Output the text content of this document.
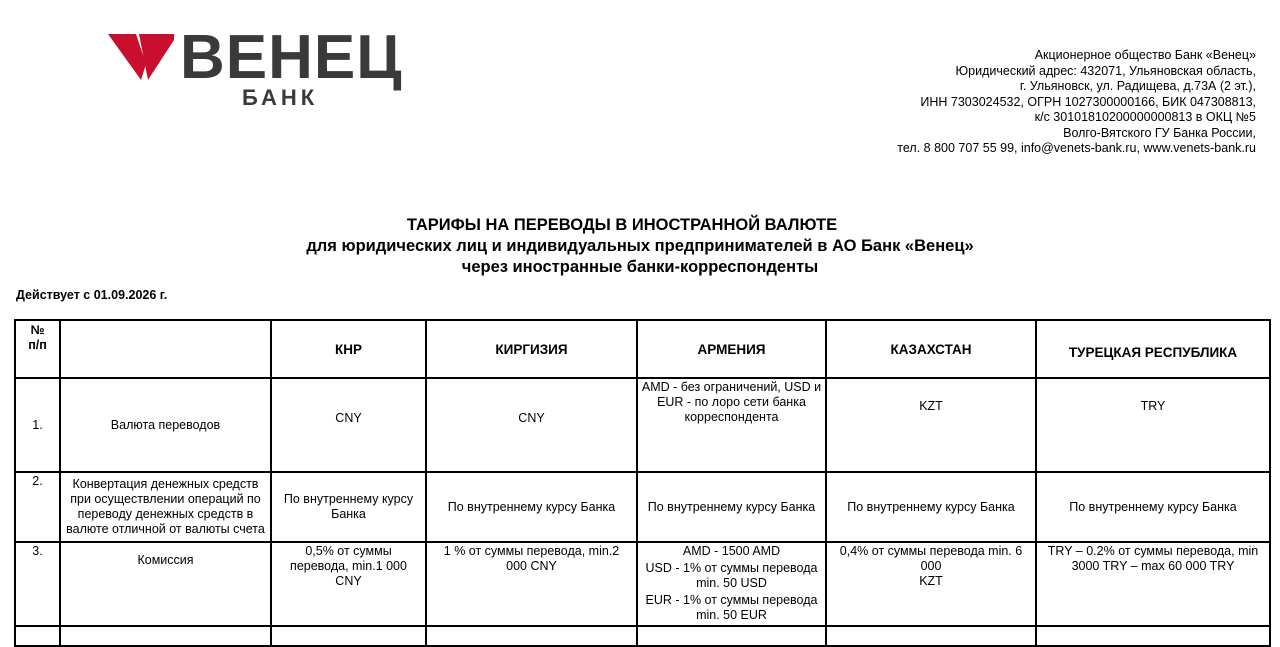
ВЕНЕЦ
БАНК
Акционерное общество Банк «Венец»
Юридический адрес: 432071, Ульяновская область,
г. Ульяновск, ул. Радищева, д.73А (2 эт.),
ИНН 7303024532, ОГРН 1027300000166, БИК 047308813,
к/с 30101810200000000813 в ОКЦ №5
Волго-Вятского ГУ Банка России,
тел. 8 800 707 55 99, info@venets-bank.ru, www.venets-bank.ru
ТАРИФЫ НА ПЕРЕВОДЫ В ИНОСТРАННОЙ ВАЛЮТЕ
для юридических лиц и индивидуальных предпринимателей в АО Банк «Венец»
через иностранные банки-корреспонденты
Действует с 01.09.2026 г.
№
п/п		КНР	КИРГИЗИЯ	АРМЕНИЯ	КАЗАХСТАН	ТУРЕЦКАЯ РЕСПУБЛИКА
1.	Валюта переводов	CNY	CNY	AMD - без ограничений, USD и
EUR - по лоро сети банка
корреспондента	KZT	TRY

2.	Конвертация денежных средств
при осуществлении операций по
переводу денежных средств в
валюте отличной от валюты счета	По внутреннему курсу
Банка	По внутреннему курсу Банка	По внутреннему курсу Банка	По внутреннему курсу Банка	По внутреннему курсу Банка

3.	Комиссия	0,5% от суммы
перевода, min.1 000
CNY	1 % от суммы перевода, min.2
000 CNY	AMD - 1500 AMD
USD - 1% от суммы перевода
min. 50 USD
EUR - 1% от суммы перевода
min. 50 EUR	0,4% от суммы перевода min. 6 000
KZT	TRY – 0.2% от суммы перевода, min
3000 TRY – max 60 000 TRY
